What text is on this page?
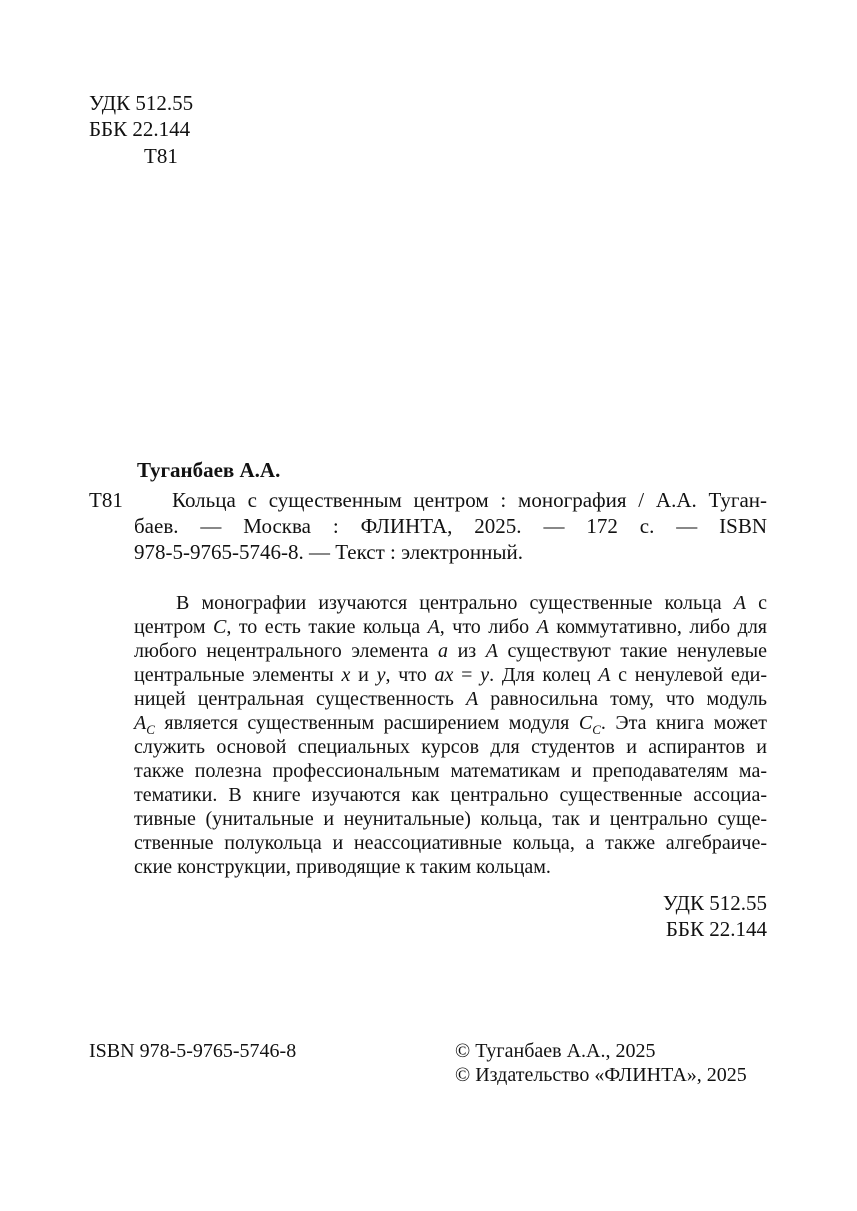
УДК 512.55
ББК 22.144
Т81
Туганбаев А.А.
Т81 Кольца с существенным центром : монография / А.А. Туган-
баев. — Москва : ФЛИНТА, 2025. — 172 с. — ISBN
978-5-9765-5746-8. — Текст : электронный.
В монографии изучаются центрально существенные кольца A с
центром C, то есть такие кольца A, что либо A коммутативно, либо для
любого нецентрального элемента a из A существуют такие ненулевые
центральные элементы x и y, что ax = y. Для колец A с ненулевой еди-
ницей центральная существенность A равносильна тому, что модуль
$A_C$ является существенным расширением модуля $C_C$. Эта книга может
служить основой специальных курсов для студентов и аспирантов и
также полезна профессиональным математикам и преподавателям ма-
тематики. В книге изучаются как центрально существенные ассоциа-
тивные (унитальные и неунитальные) кольца, так и центрально суще-
ственные полукольца и неассоциативные кольца, а также алгебраиче-
ские конструкции, приводящие к таким кольцам.
УДК 512.55
ББК 22.144
ISBN 978-5-9765-5746-8	© Туганбаев А.А., 2025
© Издательство «ФЛИНТА», 2025
